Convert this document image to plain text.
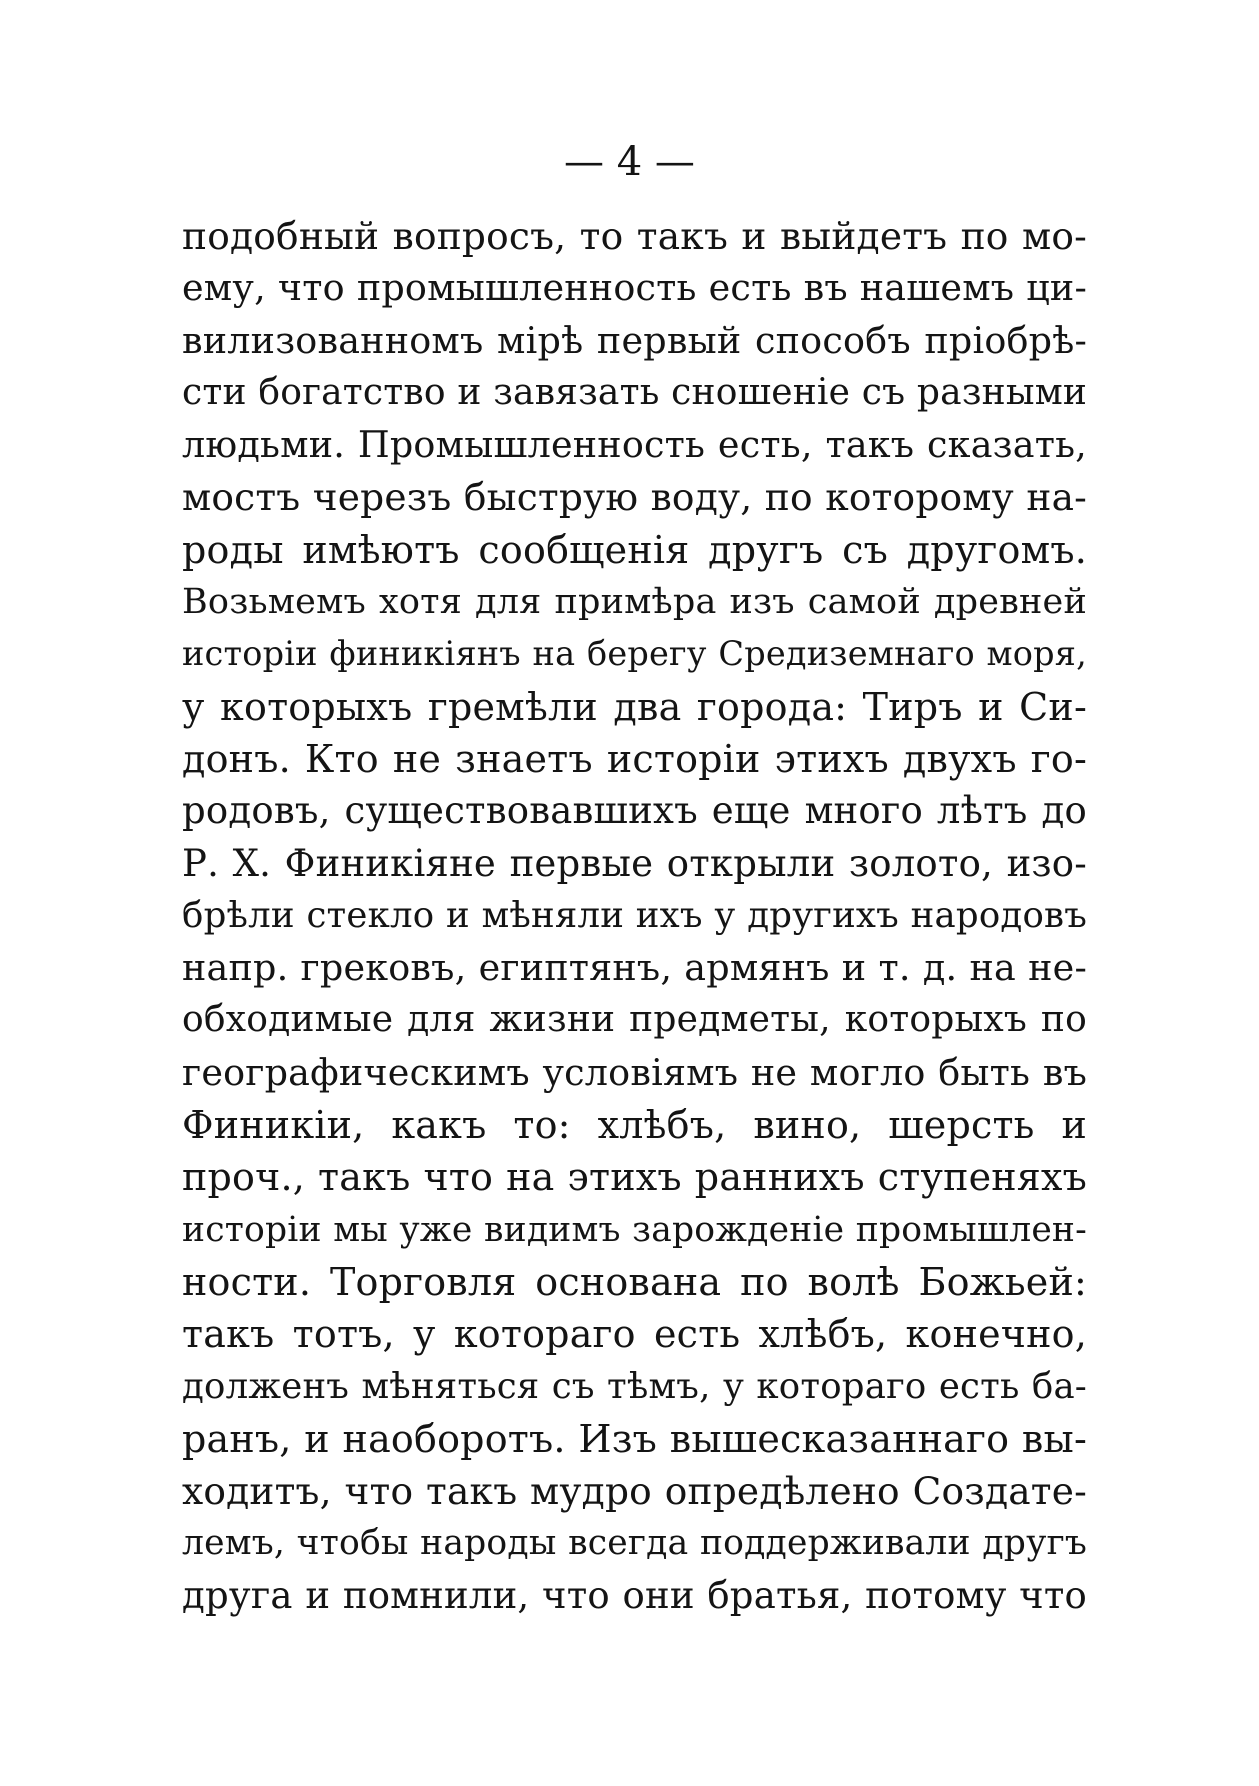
— 4 —
подобный вопросъ, то такъ и выйдетъ по мо-
ему, что промышленность есть въ нашемъ ци-
вилизованномъ мірѣ первый способъ пріобрѣ-
сти богатство и завязать сношеніе съ разными
людьми. Промышленность есть, такъ сказать,
мостъ черезъ быструю воду, по которому на-
роды имѣютъ сообщенія другъ съ другомъ.
Возьмемъ хотя для примѣра изъ самой древней
исторіи финикіянъ на берегу Средиземнаго моря,
у которыхъ гремѣли два города: Тиръ и Си-
донъ. Кто не знаетъ исторіи этихъ двухъ го-
родовъ, существовавшихъ еще много лѣтъ до
Р. Х. Финикіяне первые открыли золото, изо-
брѣли стекло и мѣняли ихъ у другихъ народовъ
напр. грековъ, египтянъ, армянъ и т. д. на не-
обходимые для жизни предметы, которыхъ по
географическимъ условіямъ не могло быть въ
Финикіи, какъ то: хлѣбъ, вино, шерсть и
проч., такъ что на этихъ раннихъ ступеняхъ
исторіи мы уже видимъ зарожденіе промышлен-
ности. Торговля основана по волѣ Божьей:
такъ тотъ, у котораго есть хлѣбъ, конечно,
долженъ мѣняться съ тѣмъ, у котораго есть ба-
ранъ, и наоборотъ. Изъ вышесказаннаго вы-
ходитъ, что такъ мудро опредѣлено Создате-
лемъ, чтобы народы всегда поддерживали другъ
друга и помнили, что они братья, потому что
